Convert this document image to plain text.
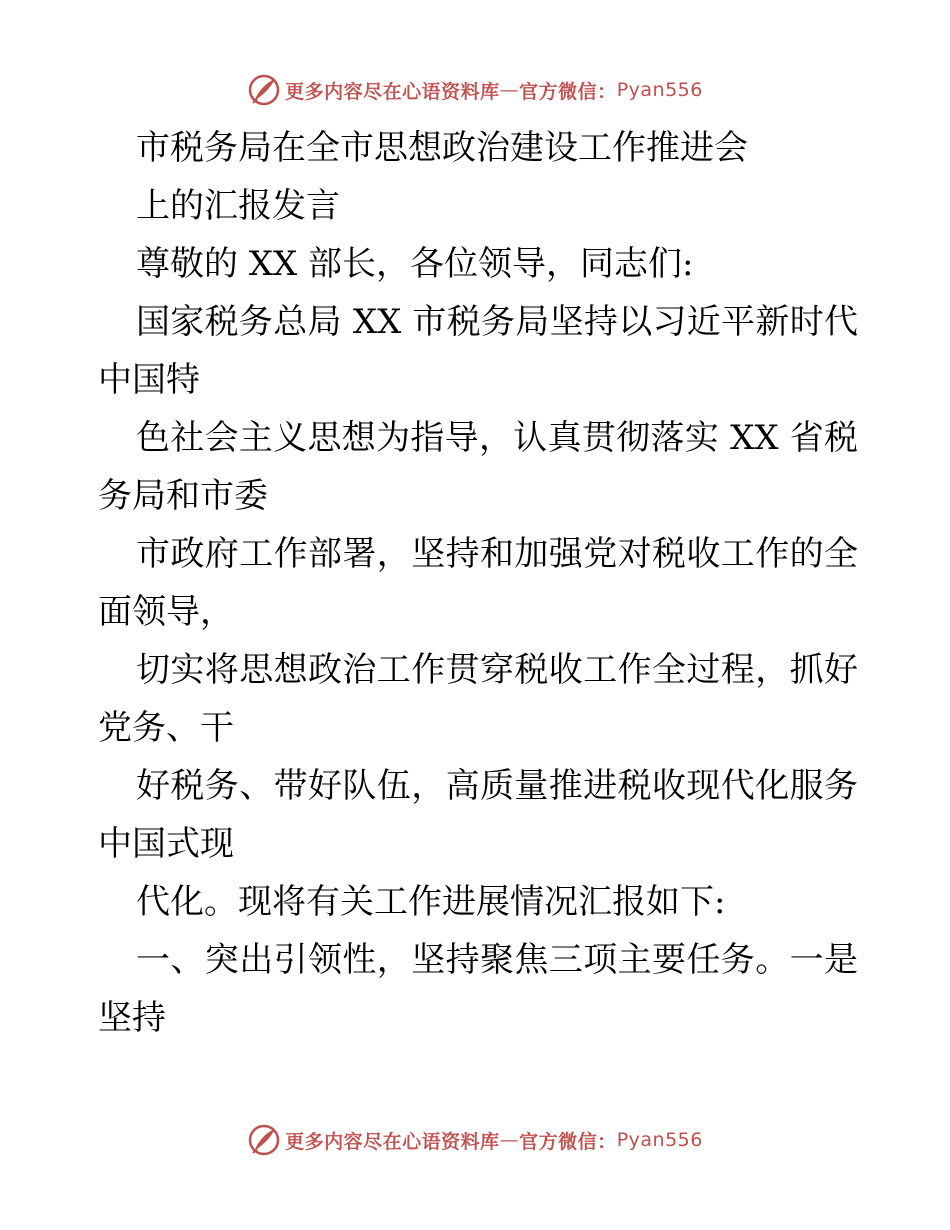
更多内容尽在心语资料库 — 官方微信： Pyan556
市税务局在全市思想政治建设工作推进会
上的汇报发言
尊敬的 XX 部长，各位领导，同志们:
国家税务总局 XX 市税务局坚持以习近平新时代
中国特
色社会主义思想为指导，认真贯彻落实 XX 省税
务局和市委
市政府工作部署，坚持和加强党对税收工作的全
面领导，
切实将思想政治工作贯穿税收工作全过程，抓好
党务、干
好税务、带好队伍，高质量推进税收现代化服务
中国式现
代化。现将有关工作进展情况汇报如下:
一、突出引领性，坚持聚焦三项主要任务。一是
坚持
更多内容尽在心语资料库 — 官方微信： Pyan556
